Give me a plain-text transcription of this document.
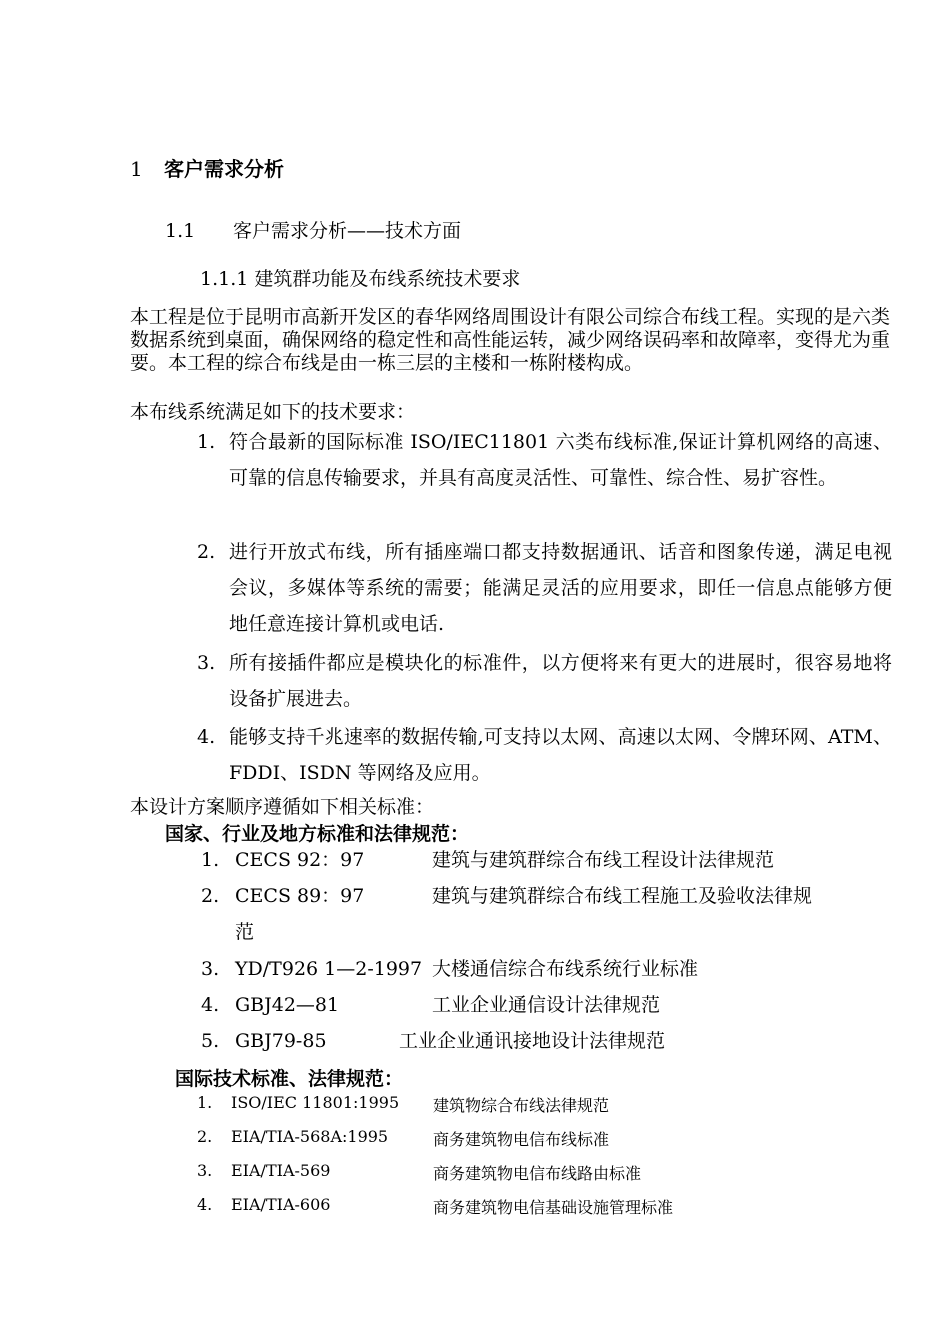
1 客户需求分析
1.1 客户需求分析——技术方面
1.1.1 建筑群功能及布线系统技术要求
本工程是位于昆明市高新开发区的春华网络周围设计有限公司综合布线工程。实现的是六类数据系统到桌面，确保网络的稳定性和高性能运转，减少网络误码率和故障率，变得尤为重要。本工程的综合布线是由一栋三层的主楼和一栋附楼构成。
本布线系统满足如下的技术要求：
1. 符合最新的国际标准 ISO/IEC11801 六类布线标准,保证计算机网络的高速、可靠的信息传输要求，并具有高度灵活性、可靠性、综合性、易扩容性。
2. 进行开放式布线，所有插座端口都支持数据通讯、话音和图象传递，满足电视会议，多媒体等系统的需要；能满足灵活的应用要求，即任一信息点能够方便地任意连接计算机或电话.
3. 所有接插件都应是模块化的标准件，以方便将来有更大的进展时，很容易地将设备扩展进去。
4. 能够支持千兆速率的数据传输,可支持以太网、高速以太网、令牌环网、ATM、FDDI、ISDN 等网络及应用。
本设计方案顺序遵循如下相关标准：
国家、行业及地方标准和法律规范：
1. CECS 92：97	建筑与建筑群综合布线工程设计法律规范
2. CECS 89：97	建筑与建筑群综合布线工程施工及验收法律规
范
3. YD/T926 1—2-1997 大楼通信综合布线系统行业标准
4. GBJ42—81	工业企业通信设计法律规范
5. GBJ79-85	工业企业通讯接地设计法律规范
国际技术标准、法律规范：
1. ISO/IEC 11801:1995 建筑物综合布线法律规范
2. EIA/TIA-568A:1995	商务建筑物电信布线标准
3. EIA/TIA-569	商务建筑物电信布线路由标准
4. EIA/TIA-606	商务建筑物电信基础设施管理标准
